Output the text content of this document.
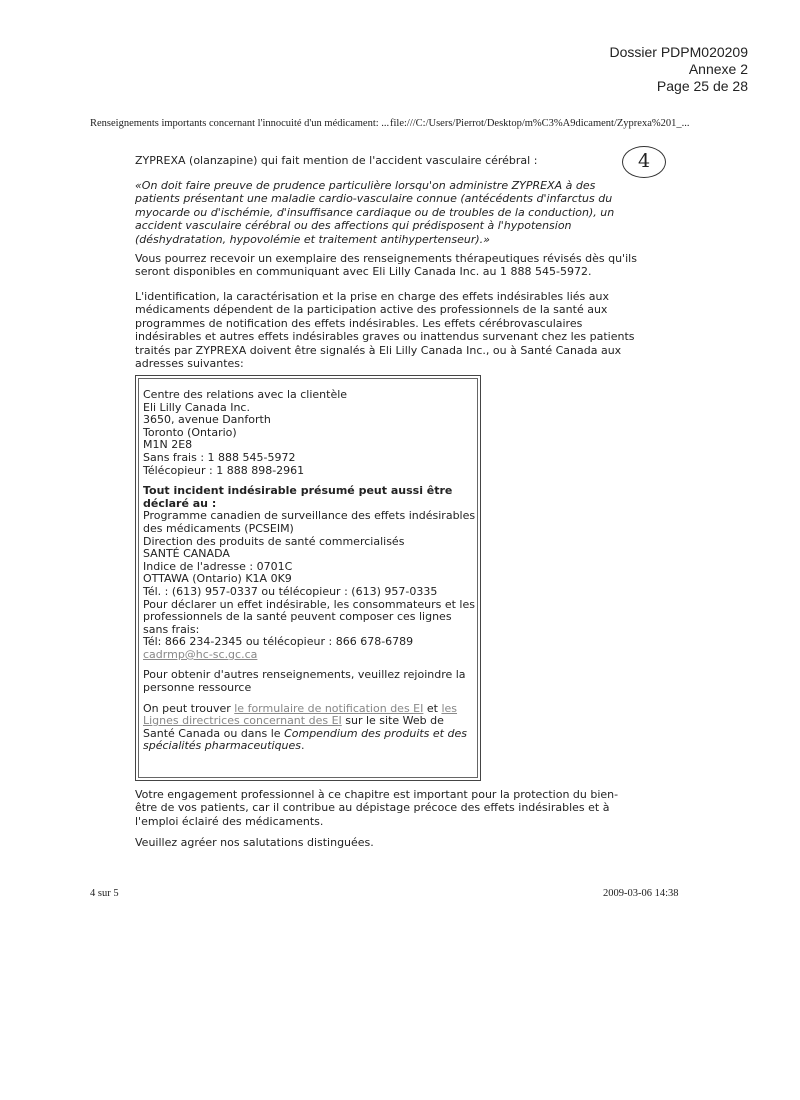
Dossier PDPM020209
Annexe 2
Page 25 de 28
Renseignements importants concernant l'innocuité d'un médicament: ... file:///C:/Users/Pierrot/Desktop/m%C3%A9dicament/Zyprexa%201_...
4

ZYPREXA (olanzapine) qui fait mention de l'accident vasculaire cérébral :

«On doit faire preuve de prudence particulière lorsqu'on administre ZYPREXA à des patients présentant une maladie cardio-vasculaire connue (antécédents d'infarctus du myocarde ou d'ischémie, d'insuffisance cardiaque ou de troubles de la conduction), un accident vasculaire cérébral ou des affections qui prédisposent à l'hypotension (déshydratation, hypovolémie et traitement antihypertenseur).»

Vous pourrez recevoir un exemplaire des renseignements thérapeutiques révisés dès qu'ils seront disponibles en communiquant avec Eli Lilly Canada Inc. au 1 888 545-5972.

L'identification, la caractérisation et la prise en charge des effets indésirables liés aux médicaments dépendent de la participation active des professionnels de la santé aux programmes de notification des effets indésirables. Les effets cérébrovasculaires indésirables et autres effets indésirables graves ou inattendus survenant chez les patients traités par ZYPREXA doivent être signalés à Eli Lilly Canada Inc., ou à Santé Canada aux adresses suivantes:

Centre des relations avec la clientèle
Eli Lilly Canada Inc.
3650, avenue Danforth
Toronto (Ontario)
M1N 2E8
Sans frais : 1 888 545-5972
Télécopieur : 1 888 898-2961
Tout incident indésirable présumé peut aussi être déclaré au :
Programme canadien de surveillance des effets indésirables des médicaments (PCSEIM)
Direction des produits de santé commercialisés
SANTÉ CANADA
Indice de l'adresse : 0701C
OTTAWA (Ontario) K1A 0K9
Tél. : (613) 957-0337 ou télécopieur : (613) 957-0335
Pour déclarer un effet indésirable, les consommateurs et les professionnels de la santé peuvent composer ces lignes sans frais:
Tél: 866 234-2345 ou télécopieur : 866 678-6789
cadrmp@hc-sc.gc.ca
Pour obtenir d'autres renseignements, veuillez rejoindre la personne ressource
On peut trouver le formulaire de notification des EI et les Lignes directrices concernant des EI sur le site Web de Santé Canada ou dans le Compendium des produits et des spécialités pharmaceutiques.

Votre engagement professionnel à ce chapitre est important pour la protection du bien-être de vos patients, car il contribue au dépistage précoce des effets indésirables et à l'emploi éclairé des médicaments.

Veuillez agréer nos salutations distinguées.

4 sur 5	2009-03-06 14:38
